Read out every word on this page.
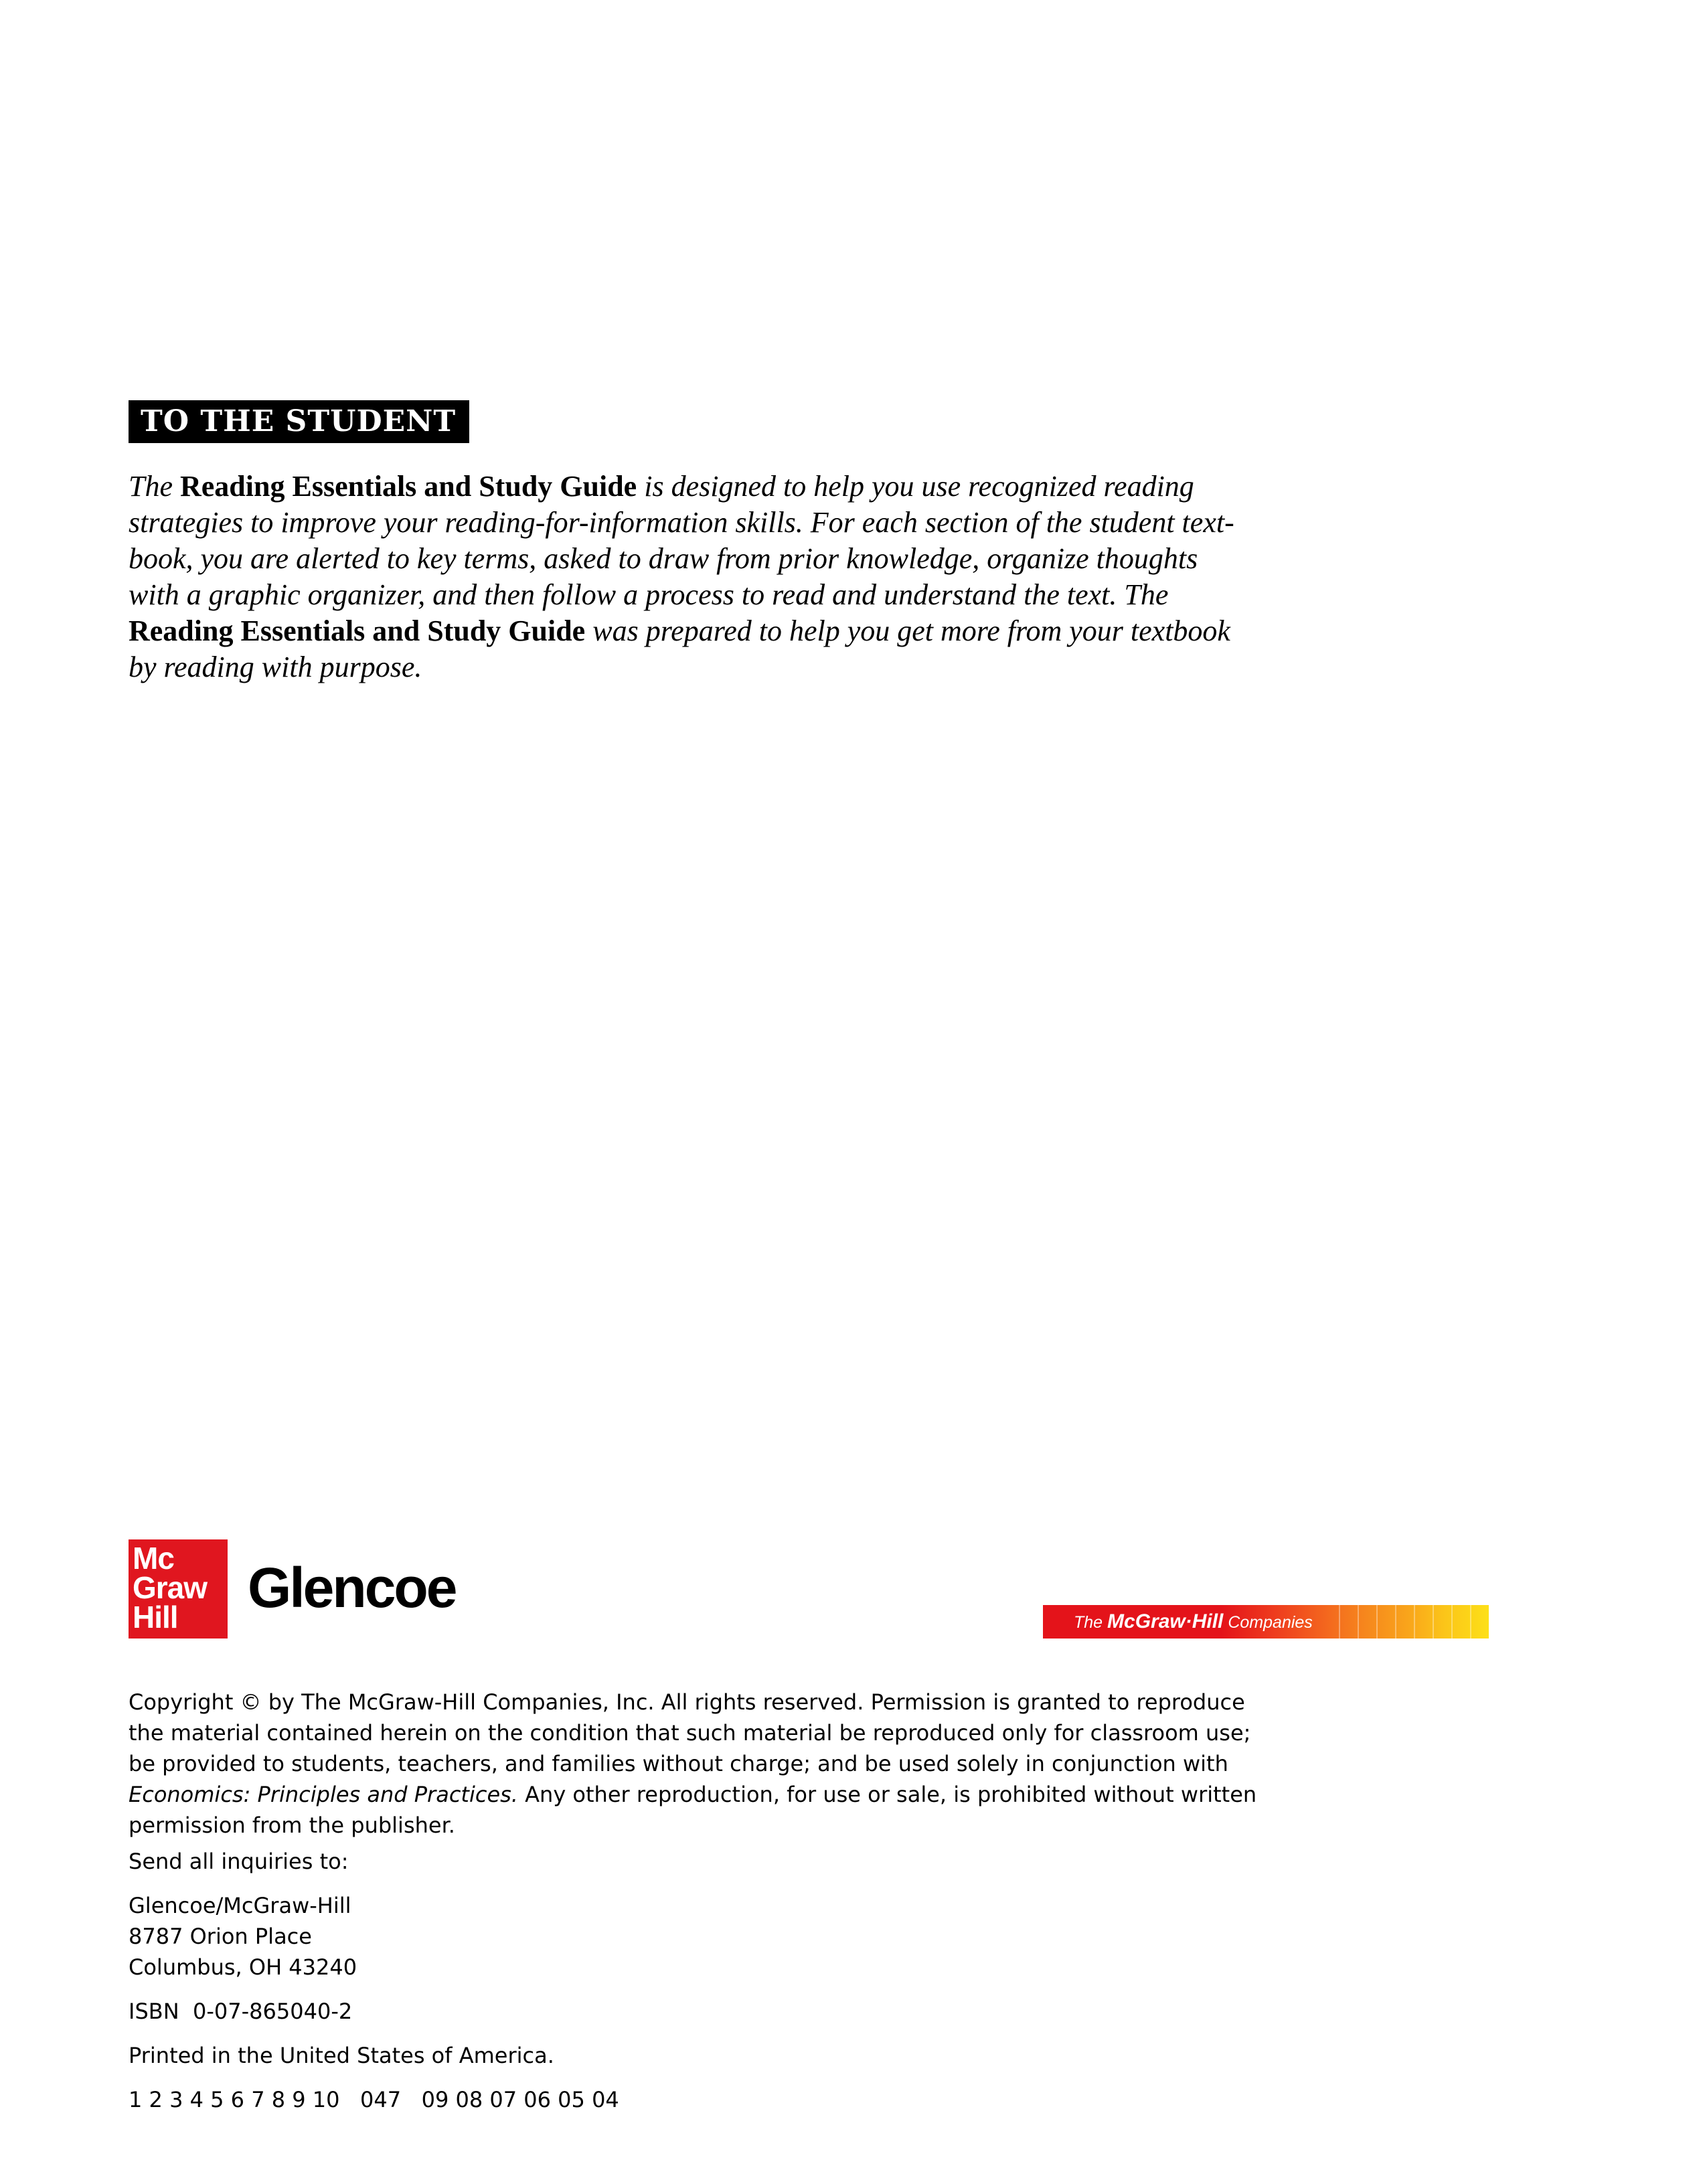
TO THE STUDENT

The Reading Essentials and Study Guide is designed to help you use recognized reading strategies to improve your reading-for-information skills. For each section of the student text-book, you are alerted to key terms, asked to draw from prior knowledge, organize thoughts with a graphic organizer, and then follow a process to read and understand the text. The Reading Essentials and Study Guide was prepared to help you get more from your textbook by reading with purpose.

Mc
Graw
Hill	Glencoe
The McGraw·Hill Companies

Copyright © by The McGraw-Hill Companies, Inc. All rights reserved. Permission is granted to reproduce the material contained herein on the condition that such material be reproduced only for classroom use; be provided to students, teachers, and families without charge; and be used solely in conjunction with Economics: Principles and Practices. Any other reproduction, for use or sale, is prohibited without written permission from the publisher.

Send all inquiries to:

Glencoe/McGraw-Hill

8787 Orion Place

Columbus, OH 43240

ISBN  0-07-865040-2

Printed in the United States of America.

1 2 3 4 5 6 7 8 9 10   047   09 08 07 06 05 04
